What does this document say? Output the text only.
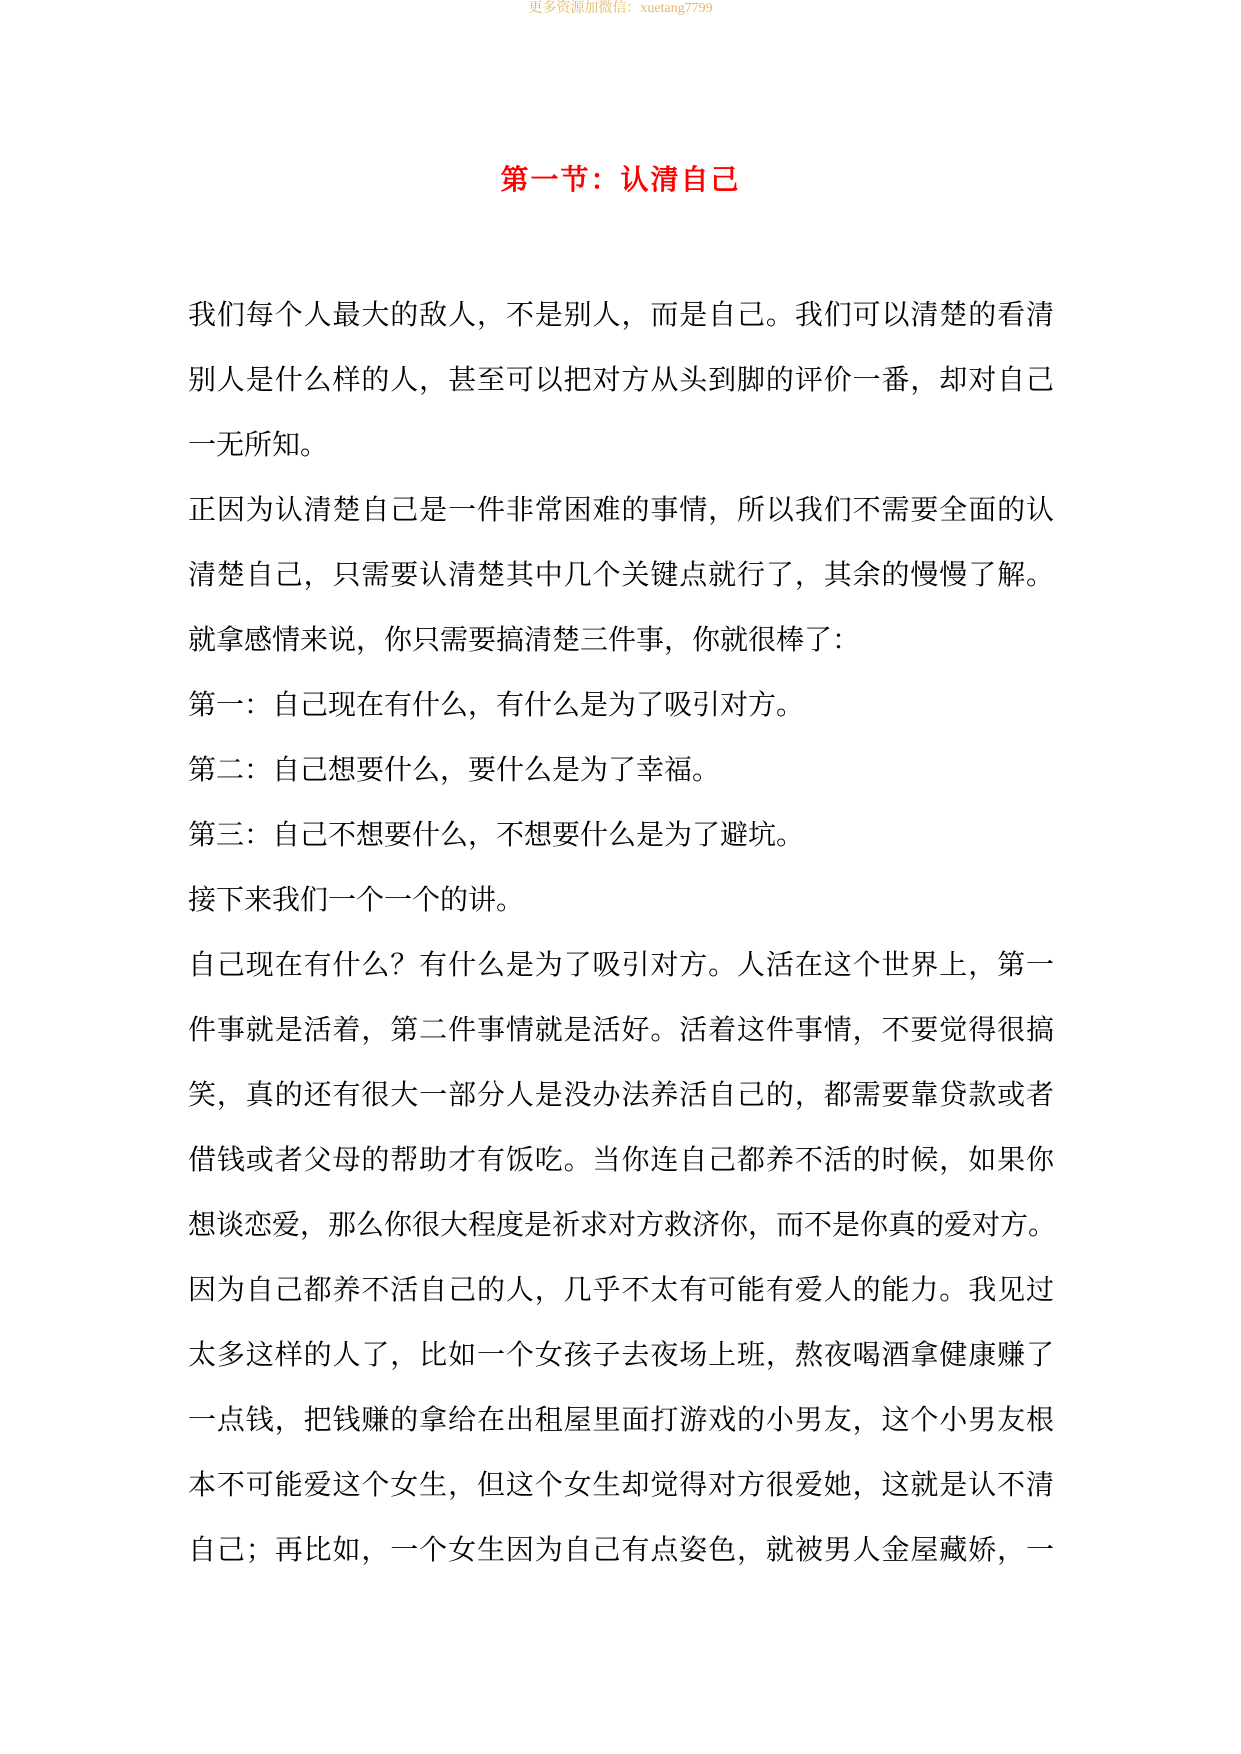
更多资源加微信：xuetang7799
第一节：认清自己
我们每个人最大的敌人，不是别人，而是自己。我们可以清楚的看清
别人是什么样的人，甚至可以把对方从头到脚的评价一番，却对自己
一无所知。
正因为认清楚自己是一件非常困难的事情，所以我们不需要全面的认
清楚自己，只需要认清楚其中几个关键点就行了，其余的慢慢了解。
就拿感情来说，你只需要搞清楚三件事，你就很棒了：
第一：自己现在有什么，有什么是为了吸引对方。
第二：自己想要什么，要什么是为了幸福。
第三：自己不想要什么，不想要什么是为了避坑。
接下来我们一个一个的讲。
自己现在有什么？有什么是为了吸引对方。人活在这个世界上，第一
件事就是活着，第二件事情就是活好。活着这件事情，不要觉得很搞
笑，真的还有很大一部分人是没办法养活自己的，都需要靠贷款或者
借钱或者父母的帮助才有饭吃。当你连自己都养不活的时候，如果你
想谈恋爱，那么你很大程度是祈求对方救济你，而不是你真的爱对方。
因为自己都养不活自己的人，几乎不太有可能有爱人的能力。我见过
太多这样的人了，比如一个女孩子去夜场上班，熬夜喝酒拿健康赚了
一点钱，把钱赚的拿给在出租屋里面打游戏的小男友，这个小男友根
本不可能爱这个女生，但这个女生却觉得对方很爱她，这就是认不清
自己；再比如，一个女生因为自己有点姿色，就被男人金屋藏娇，一
